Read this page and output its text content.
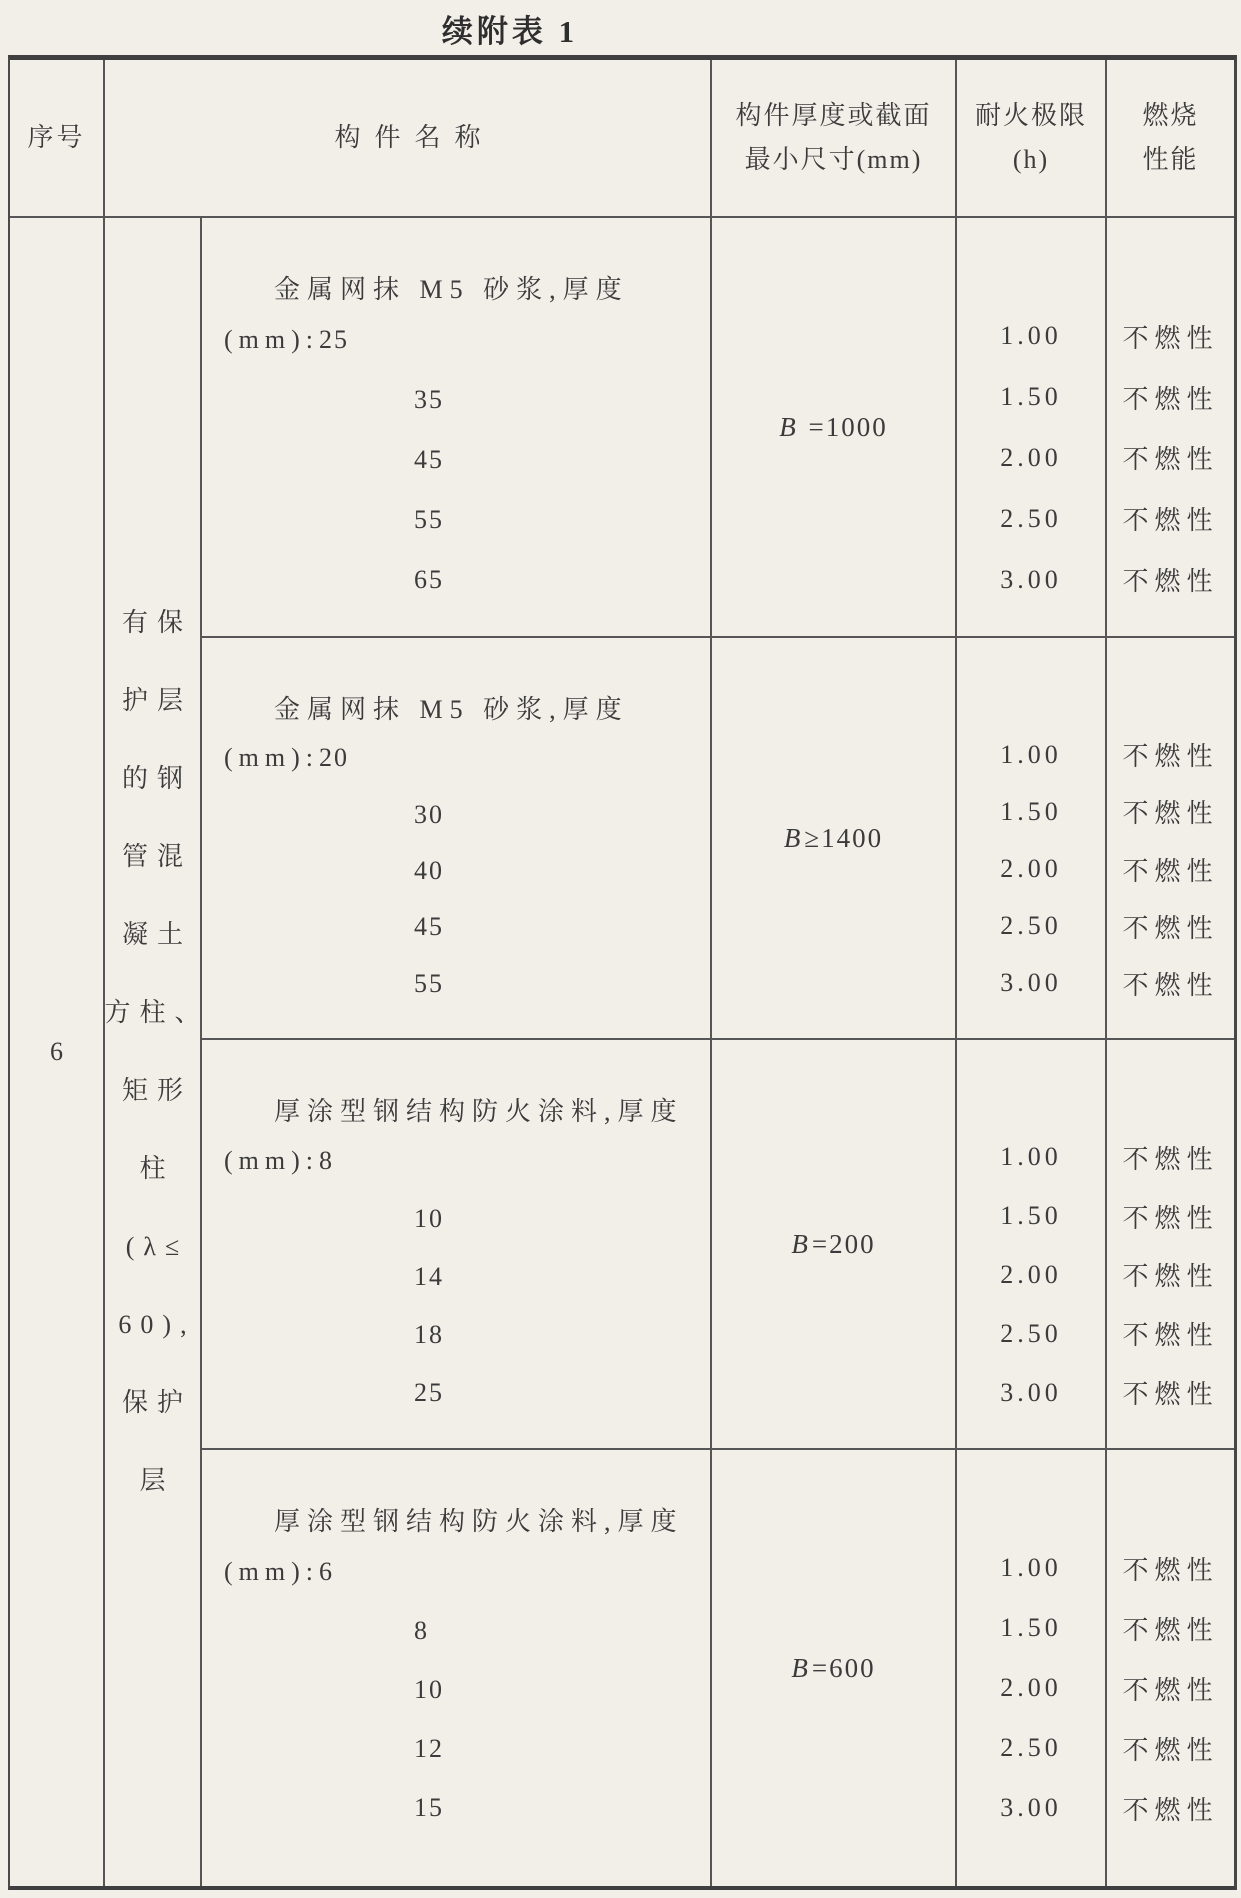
续附表 1
序号	构件名称
构件厚度或截面
最小尺寸(mm)
耐火极限
(h)
燃烧
性能
6
有保
护层
的钢
管混
凝土
方柱、
矩形
柱
(λ≤
60),
保护
层
金属网抹 M5 砂浆,厚度
(mm): 25
35
45
55
65
B =1000
1.00
1.50
2.00
2.50
3.00
不燃性
不燃性
不燃性
不燃性
不燃性
金属网抹 M5 砂浆,厚度
(mm): 20
30
40
45
55
B ≥1400
1.00
1.50
2.00
2.50
3.00
不燃性
不燃性
不燃性
不燃性
不燃性
厚涂型钢结构防火涂料,厚度
(mm): 8
10
14
18
25
B =200
1.00
1.50
2.00
2.50
3.00
不燃性
不燃性
不燃性
不燃性
不燃性
厚涂型钢结构防火涂料,厚度
(mm): 6
8
10
12
15
B =600
1.00
1.50
2.00
2.50
3.00
不燃性
不燃性
不燃性
不燃性
不燃性
